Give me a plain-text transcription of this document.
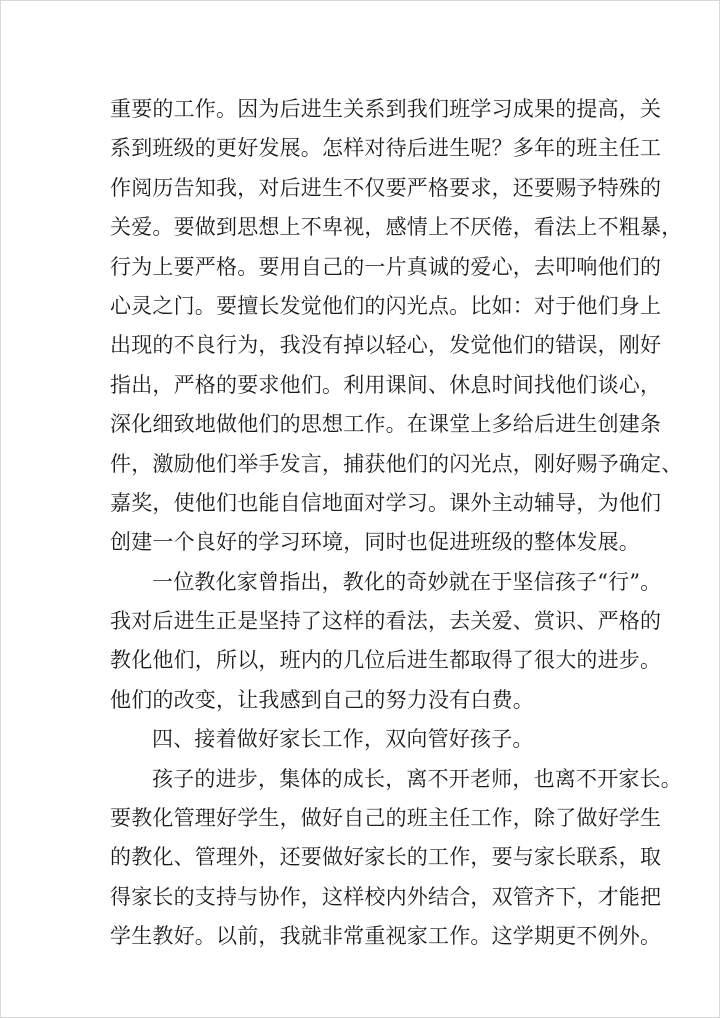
重要的工作。因为后进生关系到我们班学习成果的提高，关
系到班级的更好发展。怎样对待后进生呢？多年的班主任工
作阅历告知我，对后进生不仅要严格要求，还要赐予特殊的
关爱。要做到思想上不卑视，感情上不厌倦，看法上不粗暴，
行为上要严格。要用自己的一片真诚的爱心，去叩响他们的
心灵之门。要擅长发觉他们的闪光点。比如：对于他们身上
出现的不良行为，我没有掉以轻心，发觉他们的错误，刚好
指出，严格的要求他们。利用课间、休息时间找他们谈心，
深化细致地做他们的思想工作。在课堂上多给后进生创建条
件，激励他们举手发言，捕获他们的闪光点，刚好赐予确定、
嘉奖，使他们也能自信地面对学习。课外主动辅导，为他们
创建一个良好的学习环境，同时也促进班级的整体发展。
一位教化家曾指出，教化的奇妙就在于坚信孩子“行”。
我对后进生正是坚持了这样的看法，去关爱、赏识、严格的
教化他们，所以，班内的几位后进生都取得了很大的进步。
他们的改变，让我感到自己的努力没有白费。
四、接着做好家长工作，双向管好孩子。
孩子的进步，集体的成长，离不开老师，也离不开家长。
要教化管理好学生，做好自己的班主任工作，除了做好学生
的教化、管理外，还要做好家长的工作，要与家长联系，取
得家长的支持与协作，这样校内外结合，双管齐下，才能把
学生教好。以前，我就非常重视家工作。这学期更不例外。
